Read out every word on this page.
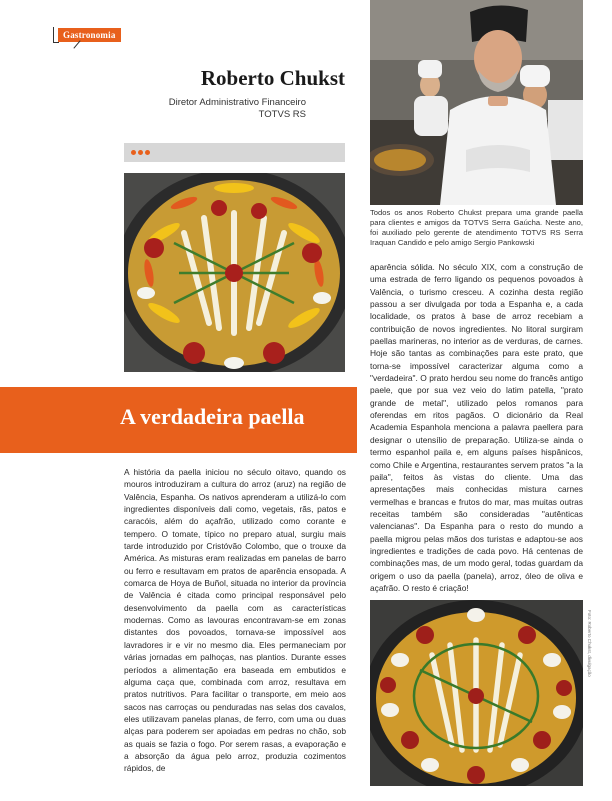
Gastronomia
Roberto Chukst
Diretor Administrativo Financeiro TOTVS RS
Todos os anos Roberto Chukst prepara uma grande paella para clientes e amigos da TOTVS Serra Gaúcha. Neste ano, foi auxiliado pelo gerente de atendimento TOTVS RS Serra Iraquan Candido e pelo amigo Sergio Pankowski
A verdadeira paella
A história da paella iniciou no século oitavo, quando os mouros introduziram a cultura do arroz (aruz) na região de Valência, Espanha. Os nativos aprenderam a utilizá-lo com ingredientes disponíveis dali como, vegetais, rãs, patos e caracóis, além do açafrão, utilizado como corante e tempero. O tomate, típico no preparo atual, surgiu mais tarde introduzido por Cristóvão Colombo, que o trouxe da América. As misturas eram realizadas em panelas de barro ou ferro e resultavam em pratos de aparência ensopada. A comarca de Hoya de Buñol, situada no interior da província de Valência é citada como principal responsável pelo desenvolvimento da paella com as características modernas. Como as lavouras encontravam-se em zonas distantes dos povoados, tornava-se impossível aos lavradores ir e vir no mesmo dia. Eles permaneciam por várias jornadas em palhoças, nas plantios. Durante esses períodos a alimentação era baseada em embutidos e alguma caça que, combinada com arroz, resultava em pratos nutritivos. Para facilitar o transporte, em meio aos sacos nas carroças ou penduradas nas selas dos cavalos, eles utilizavam panelas planas, de ferro, com uma ou duas alças para poderem ser apoiadas em pedras no chão, sob as quais se fazia o fogo. Por serem rasas, a evaporação e a absorção da água pelo arroz, produzia cozimentos rápidos, de
aparência sólida. No século XIX, com a construção de uma estrada de ferro ligando os pequenos povoados à Valência, o turismo cresceu. A cozinha desta região passou a ser divulgada por toda a Espanha e, a cada localidade, os pratos à base de arroz recebiam a contribuição de novos ingredientes. No litoral surgiram paellas marineras, no interior as de verduras, de carnes. Hoje são tantas as combinações para este prato, que torna-se impossível caracterizar alguma como a "verdadeira". O prato herdou seu nome do francês antigo paele, que por sua vez veio do latim patella, "prato grande de metal", utilizado pelos romanos para oferendas em ritos pagãos. O dicionário da Real Academia Espanhola menciona a palavra paellera para designar o utensílio de preparação. Utiliza-se ainda o termo espanhol paila e, em alguns países hispânicos, como Chile e Argentina, restaurantes servem pratos "a la paila", feitos às vistas do cliente. Uma das apresentações mais conhecidas mistura carnes vermelhas e brancas e frutos do mar, mas muitas outras receitas também são consideradas "autênticas valencianas". Da Espanha para o resto do mundo a paella migrou pelas mãos dos turistas e adaptou-se aos ingredientes e tradições de cada povo. Há centenas de combinações mas, de um modo geral, todas guardam da origem o uso da paella (panela), arroz, óleo de oliva e açafrão. O resto é criação!
Foto: Roberto Chukst, divulgação
